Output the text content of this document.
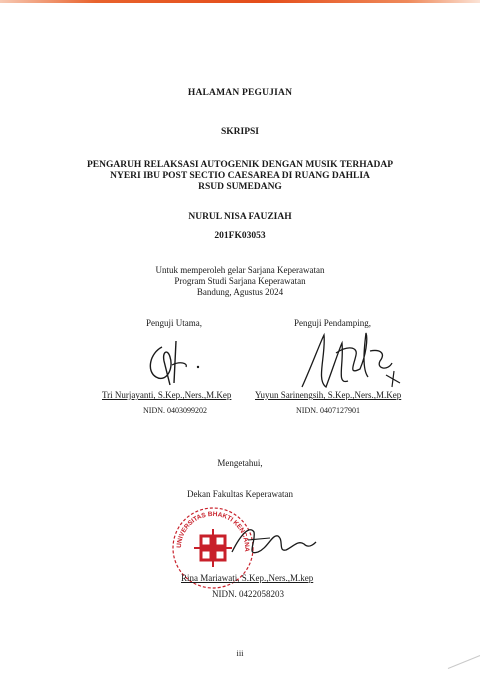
HALAMAN PEGUJIAN
SKRIPSI
PENGARUH RELAKSASI AUTOGENIK DENGAN MUSIK TERHADAP
NYERI IBU POST SECTIO CAESAREA DI RUANG DAHLIA
RSUD SUMEDANG
NURUL NISA FAUZIAH
201FK03053
Untuk memperoleh gelar Sarjana Keperawatan
Program Studi Sarjana Keperawatan
Bandung, Agustus 2024
Penguji Utama,	Penguji Pendamping,
Tri Nurjayanti, S.Kep.,Ners.,M.Kep	Yuyun Sarinengsih, S.Kep.,Ners.,M.Kep
NIDN. 0403099202	NIDN. 0407127901
Mengetahui,
Dekan Fakultas Keperawatan
UNIVERSITAS BHAKTI KENCANA
Rina Mariawati, S.Kep.,Ners.,M.kep
NIDN. 0422058203
iii
